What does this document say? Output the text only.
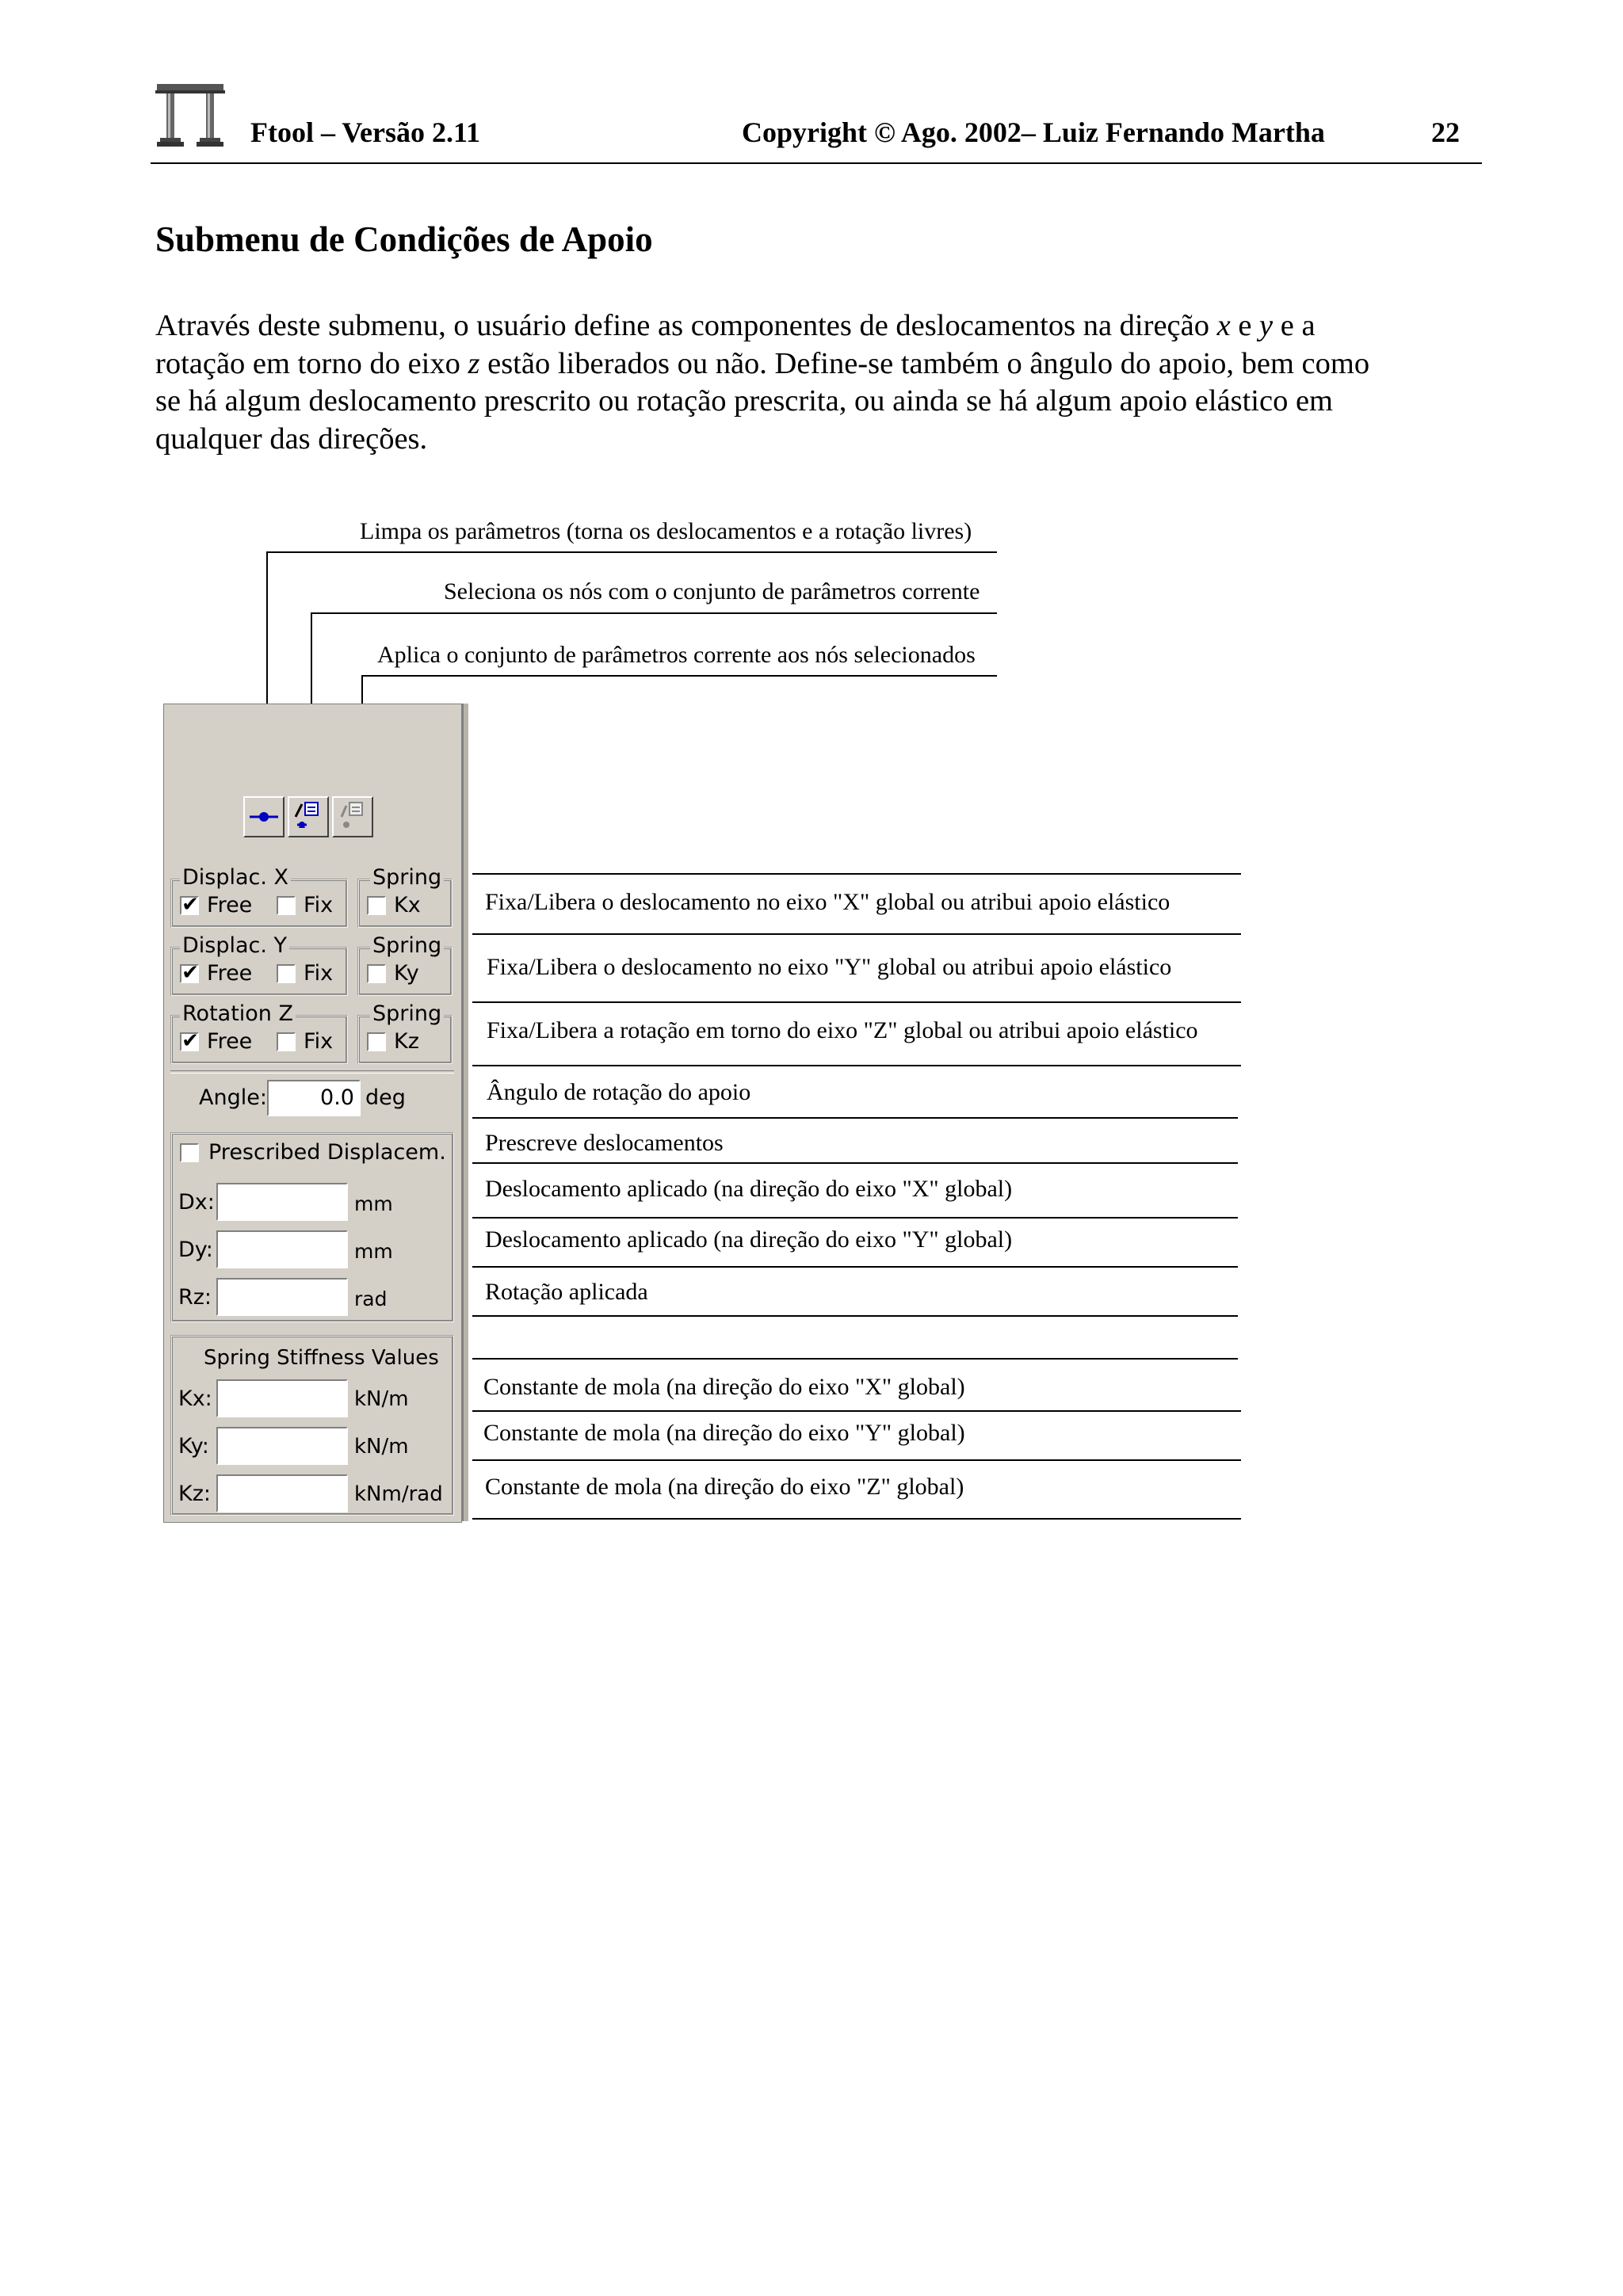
Ftool – Versão 2.11	Copyright © Ago. 2002– Luiz Fernando Martha	22
Submenu de Condições de Apoio

Através deste submenu, o usuário define as componentes de deslocamentos na direção x e y e a

rotação em torno do eixo z estão liberados ou não. Define-se também o ângulo do apoio, bem como

se há algum deslocamento prescrito ou rotação prescrita, ou ainda se há algum apoio elástico em

qualquer das direções.

Limpa os parâmetros (torna os deslocamentos e a rotação livres)
Seleciona os nós com o conjunto de parâmetros corrente
Aplica o conjunto de parâmetros corrente aos nós selecionados
Displac. X
✔ Free Fix
Spring
Kx
Displac. Y
✔ Free Fix
Spring
Ky
Rotation Z
✔ Free Fix
Spring
Kz
Angle: 0.0 deg
Prescribed Displacem.
Dx:	mm
Dy:	mm
Rz:	rad
Spring Stiffness Values
Kx:	kN/m
Ky:	kN/m
Kz:	kNm/rad
Fixa/Libera o deslocamento no eixo "X" global ou atribui apoio elástico
Fixa/Libera o deslocamento no eixo "Y" global ou atribui apoio elástico
Fixa/Libera a rotação em torno do eixo "Z" global ou atribui apoio elástico
Ângulo de rotação do apoio
Prescreve deslocamentos
Deslocamento aplicado (na direção do eixo "X" global)
Deslocamento aplicado (na direção do eixo "Y" global)
Rotação aplicada
Constante de mola (na direção do eixo "X" global)
Constante de mola (na direção do eixo "Y" global)
Constante de mola (na direção do eixo "Z" global)
